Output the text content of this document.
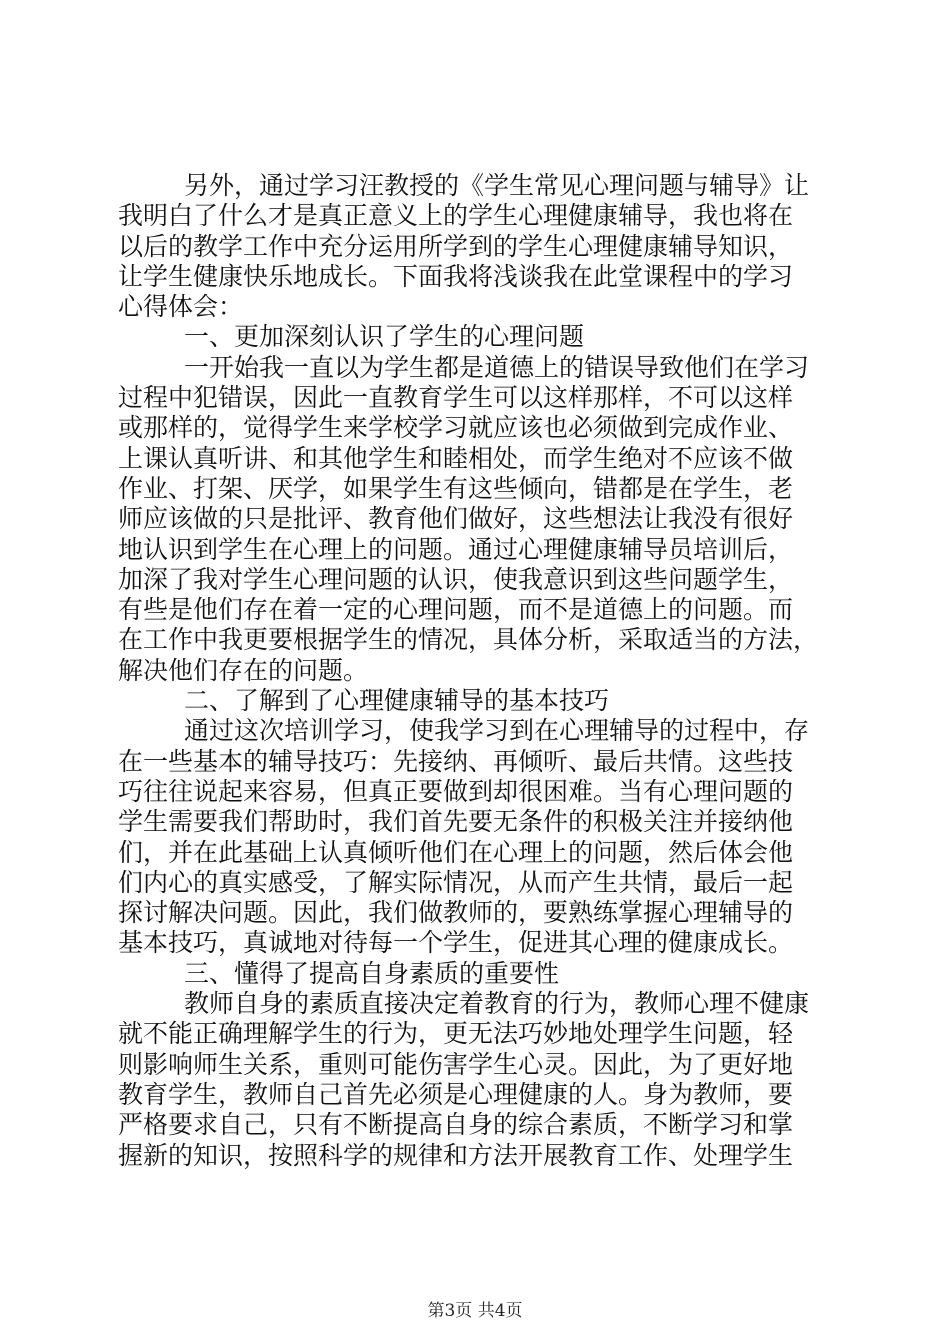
另外，通过学习汪教授的《学生常见心理问题与辅导》让
我明白了什么才是真正意义上的学生心理健康辅导，我也将在
以后的教学工作中充分运用所学到的学生心理健康辅导知识，
让学生健康快乐地成长。下面我将浅谈我在此堂课程中的学习
心得体会：
一、更加深刻认识了学生的心理问题
一开始我一直以为学生都是道德上的错误导致他们在学习
过程中犯错误，因此一直教育学生可以这样那样，不可以这样
或那样的，觉得学生来学校学习就应该也必须做到完成作业、
上课认真听讲、和其他学生和睦相处，而学生绝对不应该不做
作业、打架、厌学，如果学生有这些倾向，错都是在学生，老
师应该做的只是批评、教育他们做好，这些想法让我没有很好
地认识到学生在心理上的问题。通过心理健康辅导员培训后，
加深了我对学生心理问题的认识，使我意识到这些问题学生，
有些是他们存在着一定的心理问题，而不是道德上的问题。而
在工作中我更要根据学生的情况，具体分析，采取适当的方法，
解决他们存在的问题。
二、了解到了心理健康辅导的基本技巧
通过这次培训学习，使我学习到在心理辅导的过程中，存
在一些基本的辅导技巧：先接纳、再倾听、最后共情。这些技
巧往往说起来容易，但真正要做到却很困难。当有心理问题的
学生需要我们帮助时，我们首先要无条件的积极关注并接纳他
们，并在此基础上认真倾听他们在心理上的问题，然后体会他
们内心的真实感受，了解实际情况，从而产生共情，最后一起
探讨解决问题。因此，我们做教师的，要熟练掌握心理辅导的
基本技巧，真诚地对待每一个学生，促进其心理的健康成长。
三、懂得了提高自身素质的重要性
教师自身的素质直接决定着教育的行为，教师心理不健康
就不能正确理解学生的行为，更无法巧妙地处理学生问题，轻
则影响师生关系，重则可能伤害学生心灵。因此，为了更好地
教育学生，教师自己首先必须是心理健康的人。身为教师，要
严格要求自己，只有不断提高自身的综合素质，不断学习和掌
握新的知识，按照科学的规律和方法开展教育工作、处理学生
第3页 共4页
